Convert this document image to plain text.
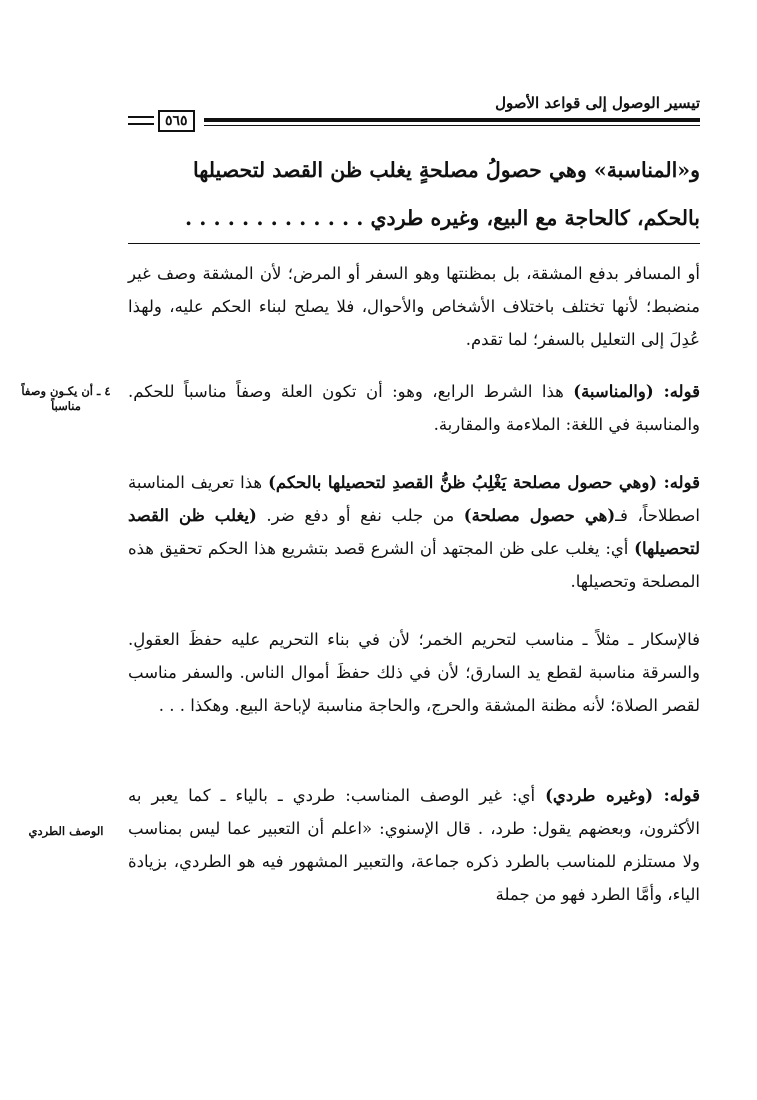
تيسير الوصول إلى قواعد الأصول
٥٦٥
و«المناسبة» وهي حصولُ مصلحةٍ يغلب ظن القصد لتحصيلها
بالحكم، كالحاجة مع البيع، وغيره طردي . . . . . . . . . . . . .

أو المسافر بدفع المشقة، بل بمظنتها وهو السفر أو المرض؛ لأن المشقة وصف غير منضبط؛ لأنها تختلف باختلاف الأشخاص والأحوال، فلا يصلح لبناء الحكم عليه، ولهذا عُدِلَ إلى التعليل بالسفر؛ لما تقدم.

قوله: (والمناسبة) هذا الشرط الرابع، وهو: أن تكون العلة وصفاً مناسباً للحكم. والمناسبة في اللغة: الملاءمة والمقاربة.

قوله: (وهي حصول مصلحة يَغْلِبُ ظنُّ القصدِ لتحصيلها بالحكم) هذا تعريف المناسبة اصطلاحاً، فـ(هي حصول مصلحة) من جلب نفع أو دفع ضر. (يغلب ظن القصد لتحصيلها) أي: يغلب على ظن المجتهد أن الشرع قصد بتشريع هذا الحكم تحقيق هذه المصلحة وتحصيلها.

فالإسكار ـ مثلاً ـ مناسب لتحريم الخمر؛ لأن في بناء التحريم عليه حفظَ العقولِ. والسرقة مناسبة لقطع يد السارق؛ لأن في ذلك حفظَ أموال الناس. والسفر مناسب لقصر الصلاة؛ لأنه مظنة المشقة والحرج، والحاجة مناسبة لإباحة البيع. وهكذا . . .

قوله: (وغيره طردي) أي: غير الوصف المناسب: طردي ـ بالياء ـ كما يعبر به الأكثرون، وبعضهم يقول: طرد، . قال الإسنوي: «اعلم أن التعبير عما ليس بمناسب ولا مستلزم للمناسب بالطرد ذكره جماعة، والتعبير المشهور فيه هو الطردي، بزيادة الياء، وأمَّا الطرد فهو من جملة

٤ ـ أن يكـون وصفاً مناسباً
الوصف الطردي
